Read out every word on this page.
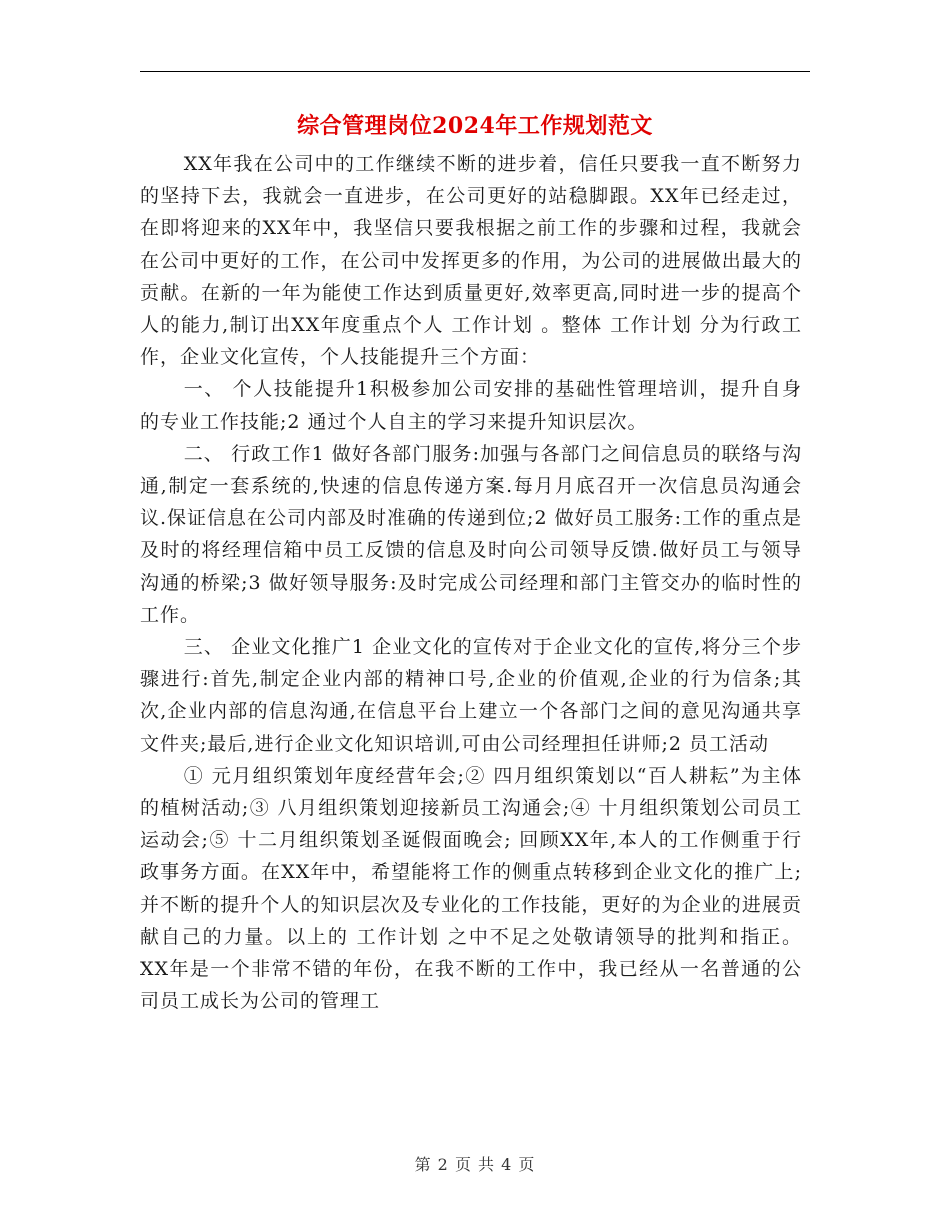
综合管理岗位2024年工作规划范文

XX年我在公司中的工作继续不断的进步着，信任只要我一直不断努力的坚持下去，我就会一直进步，在公司更好的站稳脚跟。XX年已经走过，在即将迎来的XX年中，我坚信只要我根据之前工作的步骤和过程，我就会在公司中更好的工作，在公司中发挥更多的作用，为公司的进展做出最大的贡献。在新的一年为能使工作达到质量更好,效率更高,同时进一步的提高个人的能力,制订出XX年度重点个人 工作计划 。整体 工作计划 分为行政工作，企业文化宣传，个人技能提升三个方面：

一、 个人技能提升1积极参加公司安排的基础性管理培训，提升自身的专业工作技能;2 通过个人自主的学习来提升知识层次。

二、 行政工作1 做好各部门服务:加强与各部门之间信息员的联络与沟通,制定一套系统的,快速的信息传递方案.每月月底召开一次信息员沟通会议.保证信息在公司内部及时准确的传递到位;2 做好员工服务:工作的重点是及时的将经理信箱中员工反馈的信息及时向公司领导反馈.做好员工与领导沟通的桥梁;3 做好领导服务:及时完成公司经理和部门主管交办的临时性的工作。

三、 企业文化推广1 企业文化的宣传对于企业文化的宣传,将分三个步骤进行:首先,制定企业内部的精神口号,企业的价值观,企业的行为信条;其次,企业内部的信息沟通,在信息平台上建立一个各部门之间的意见沟通共享文件夹;最后,进行企业文化知识培训,可由公司经理担任讲师;2 员工活动

① 元月组织策划年度经营年会;② 四月组织策划以“百人耕耘”为主体的植树活动;③ 八月组织策划迎接新员工沟通会;④ 十月组织策划公司员工运动会;⑤ 十二月组织策划圣诞假面晚会; 回顾XX年,本人的工作侧重于行政事务方面。在XX年中，希望能将工作的侧重点转移到企业文化的推广上;并不断的提升个人的知识层次及专业化的工作技能，更好的为企业的进展贡献自己的力量。以上的 工作计划 之中不足之处敬请领导的批判和指正。XX年是一个非常不错的年份，在我不断的工作中，我已经从一名普通的公司员工成长为公司的管理工

第 2 页 共 4 页
